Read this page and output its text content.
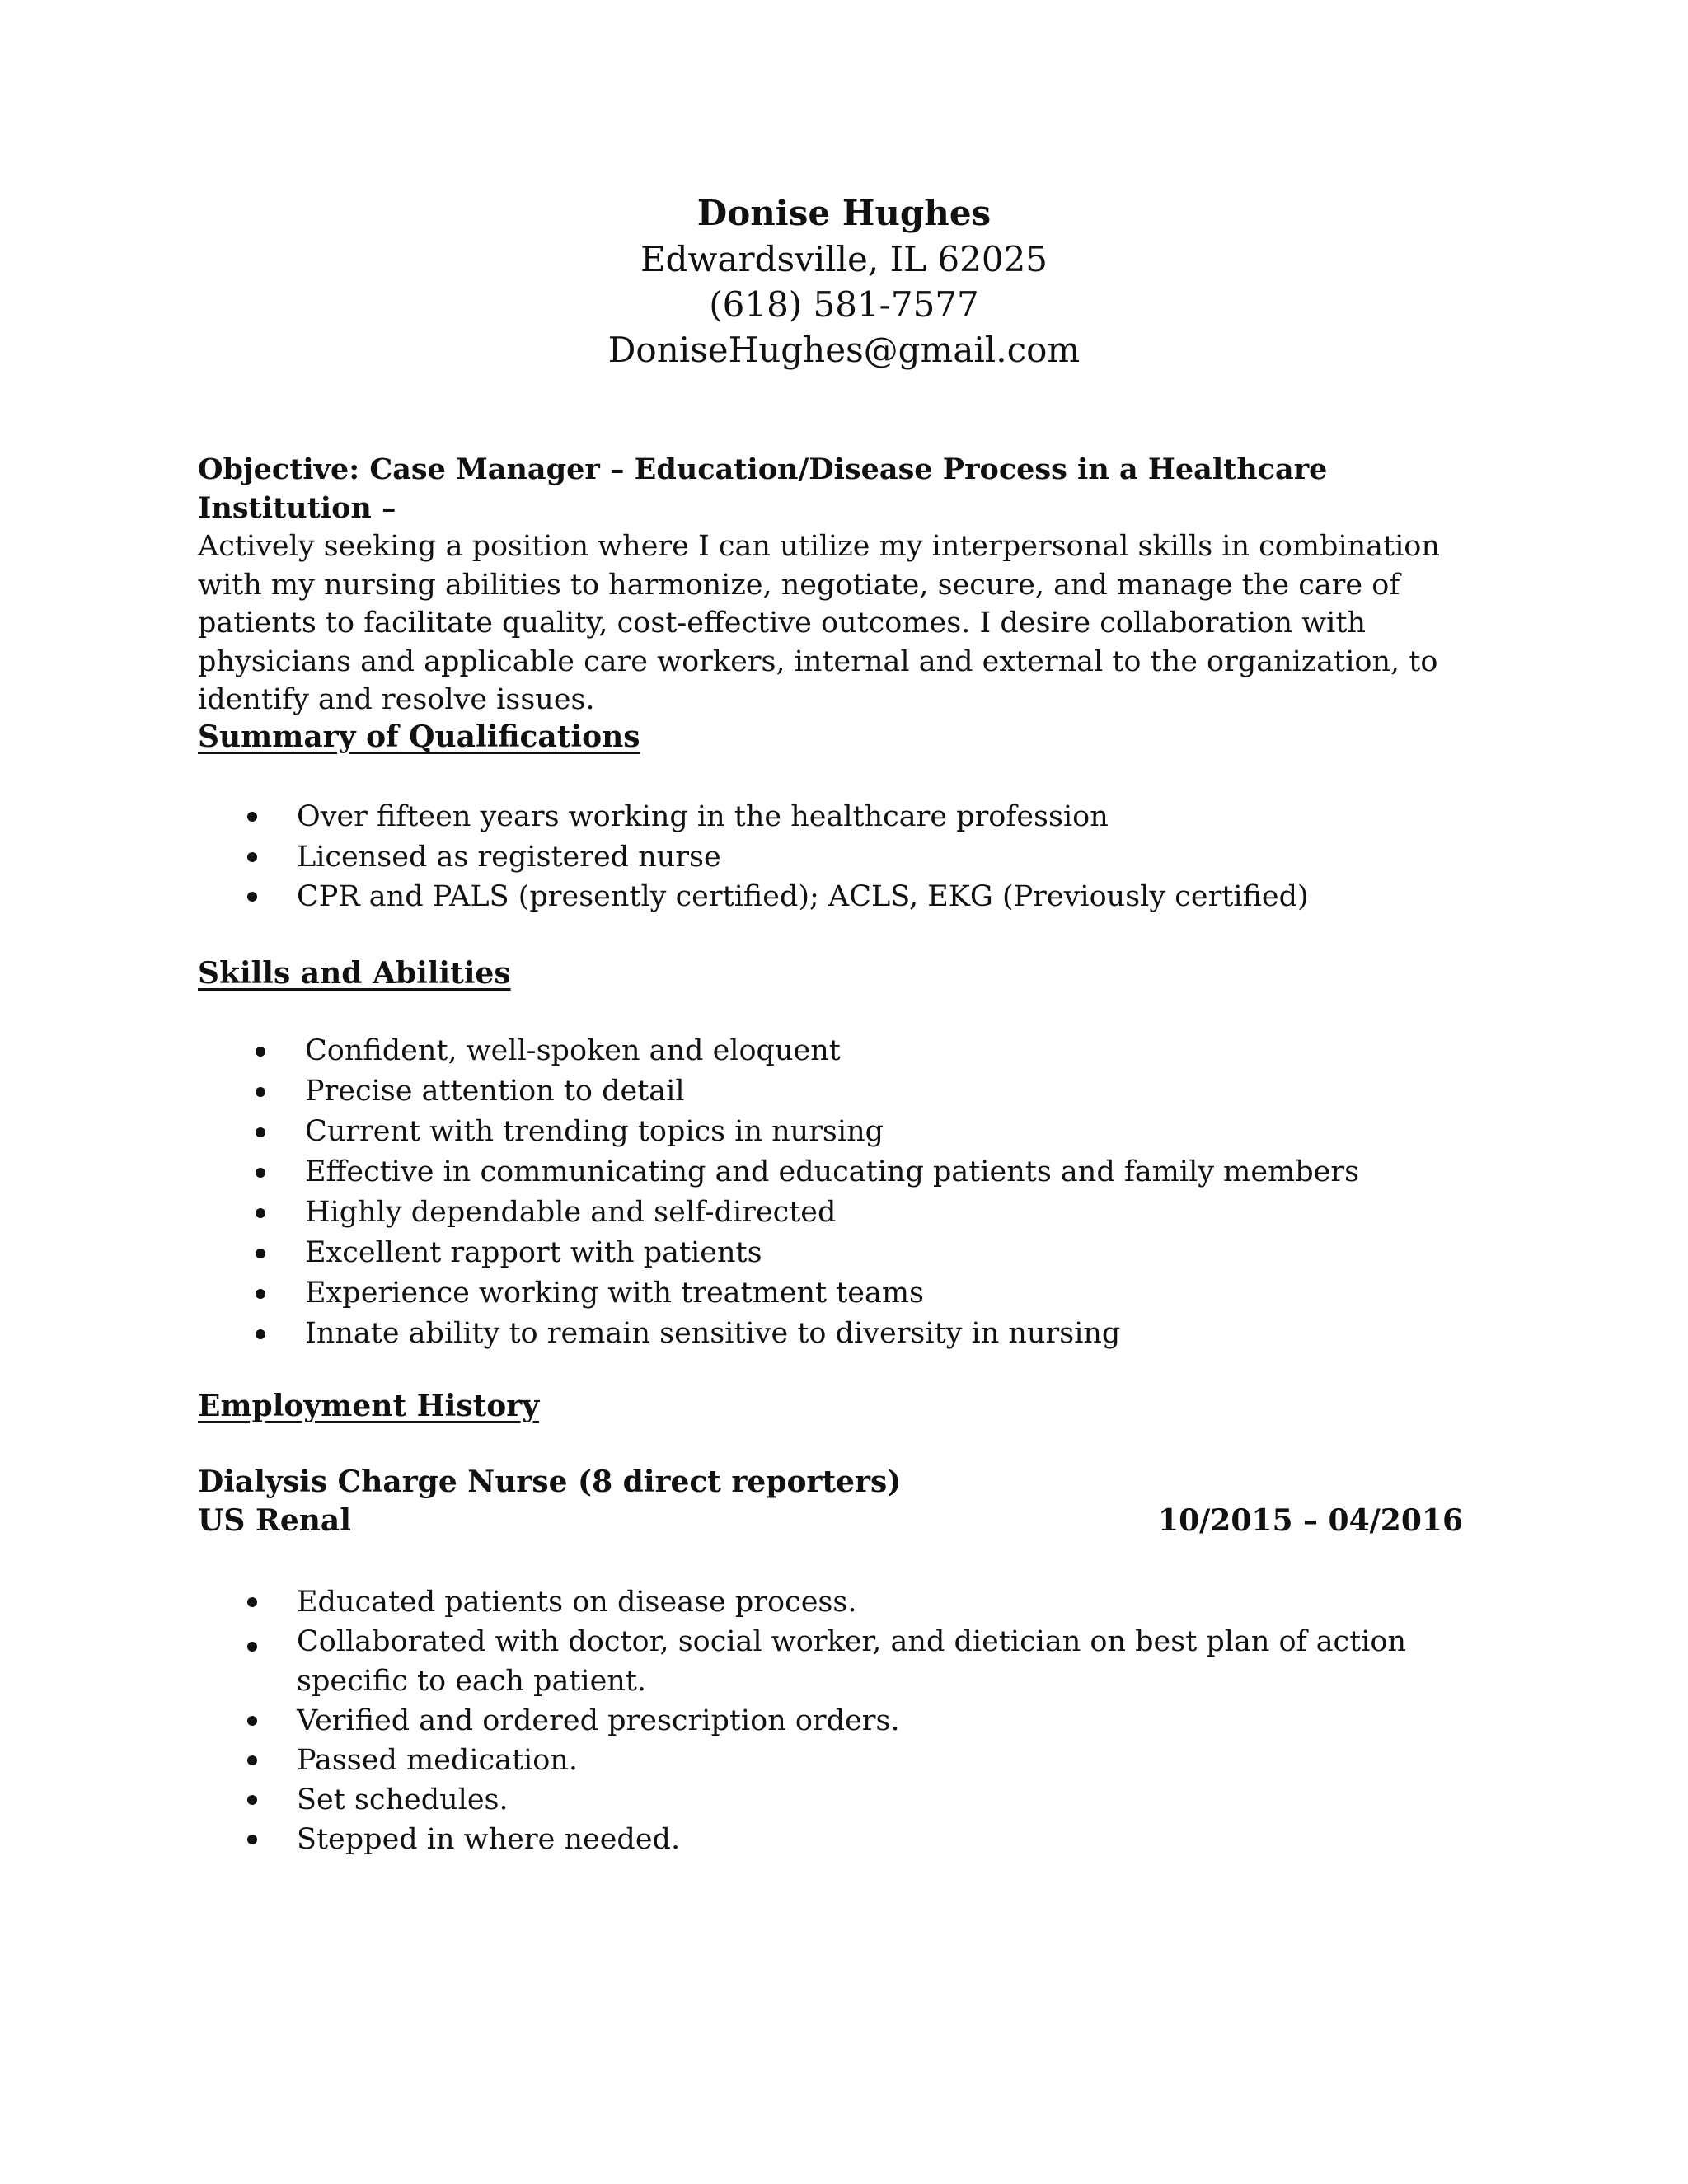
Donise Hughes
Edwardsville, IL 62025
(618) 581-7577
DoniseHughes@gmail.com
Objective: Case Manager – Education/Disease Process in a Healthcare Institution –
Actively seeking a position where I can utilize my interpersonal skills in combination with my nursing abilities to harmonize, negotiate, secure, and manage the care of patients to facilitate quality, cost-effective outcomes. I desire collaboration with physicians and applicable care workers, internal and external to the organization, to identify and resolve issues.
Summary of Qualifications
Over fifteen years working in the healthcare profession
Licensed as registered nurse
CPR and PALS (presently certified); ACLS, EKG (Previously certified)
Skills and Abilities
Confident, well-spoken and eloquent
Precise attention to detail
Current with trending topics in nursing
Effective in communicating and educating patients and family members
Highly dependable and self-directed
Excellent rapport with patients
Experience working with treatment teams
Innate ability to remain sensitive to diversity in nursing
Employment History
Dialysis Charge Nurse (8 direct reporters)
US Renal	10/2015 – 04/2016
Educated patients on disease process.
Collaborated with doctor, social worker, and dietician on best plan of action specific to each patient.
Verified and ordered prescription orders.
Passed medication.
Set schedules.
Stepped in where needed.
